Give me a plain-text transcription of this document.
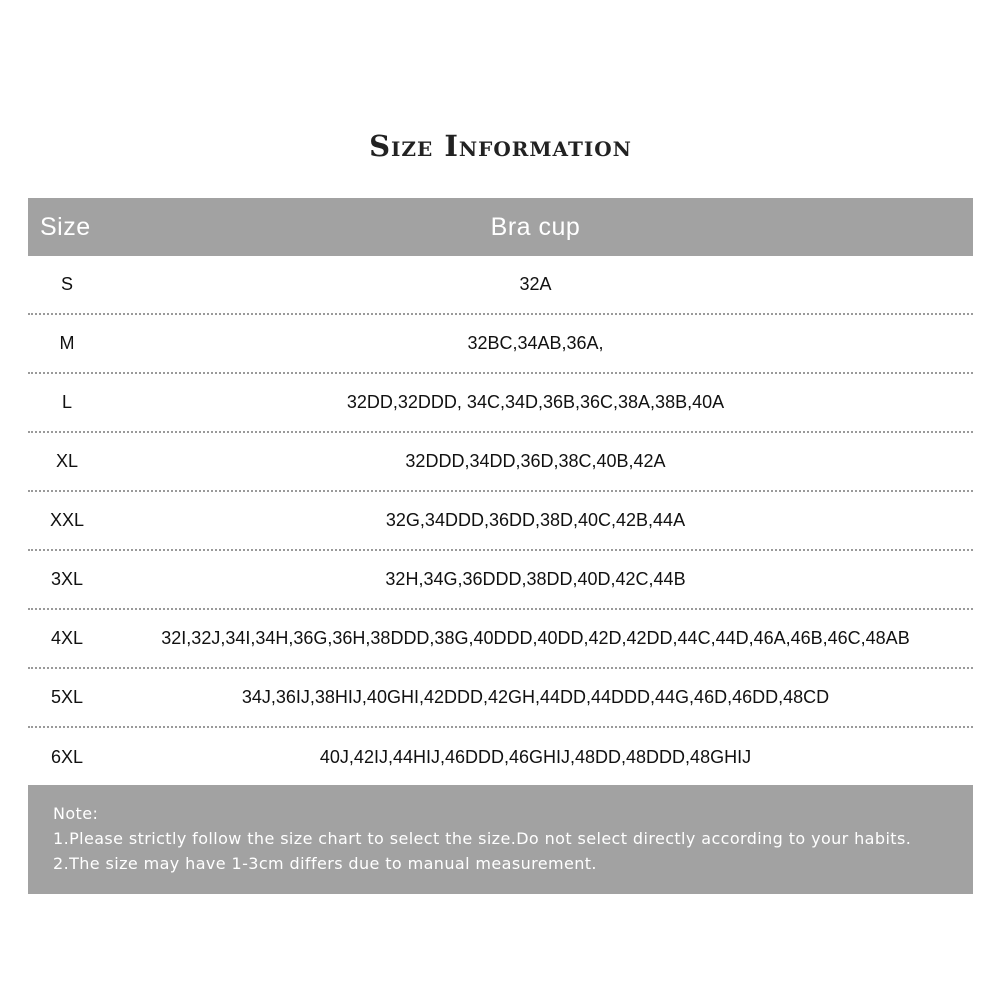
Size Information
Size	Bra cup
S	32A
M	32BC,34AB,36A,
L	32DD,32DDD, 34C,34D,36B,36C,38A,38B,40A
XL	32DDD,34DD,36D,38C,40B,42A
XXL	32G,34DDD,36DD,38D,40C,42B,44A
3XL	32H,34G,36DDD,38DD,40D,42C,44B
4XL	32I,32J,34I,34H,36G,36H,38DDD,38G,40DDD,40DD,42D,42DD,44C,44D,46A,46B,46C,48AB
5XL	34J,36IJ,38HIJ,40GHI,42DDD,42GH,44DD,44DDD,44G,46D,46DD,48CD
6XL	40J,42IJ,44HIJ,46DDD,46GHIJ,48DD,48DDD,48GHIJ
Note:
1.Please strictly follow the size chart to select the size.Do not select directly according to your habits.
2.The size may have 1-3cm differs due to manual measurement.
